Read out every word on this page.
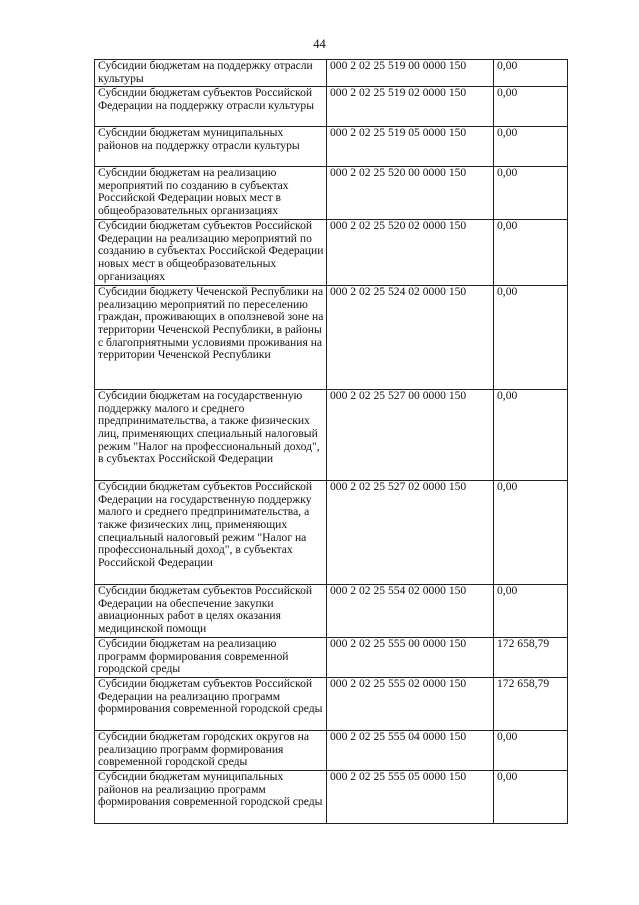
44
Субсидии бюджетам на поддержку отрасли культуры	000 2 02 25 519 00 0000 150	0,00
Субсидии бюджетам субъектов Российской Федерации на поддержку отрасли культуры	000 2 02 25 519 02 0000 150	0,00
Субсидии бюджетам муниципальных районов на поддержку отрасли культуры	000 2 02 25 519 05 0000 150	0,00
Субсидии бюджетам на реализацию мероприятий по созданию в субъектах Российской Федерации новых мест в общеобразовательных организациях	000 2 02 25 520 00 0000 150	0,00
Субсидии бюджетам субъектов Российской Федерации на реализацию мероприятий по созданию в субъектах Российской Федерации новых мест в общеобразовательных организациях	000 2 02 25 520 02 0000 150	0,00
Субсидии бюджету Чеченской Республики на реализацию мероприятий по переселению граждан, проживающих в оползневой зоне на территории Чеченской Республики, в районы с благоприятными условиями проживания на территории Чеченской Республики	000 2 02 25 524 02 0000 150	0,00
Субсидии бюджетам на государственную поддержку малого и среднего предпринимательства, а также физических лиц, применяющих специальный налоговый режим "Налог на профессиональный доход", в субъектах Российской Федерации	000 2 02 25 527 00 0000 150	0,00
Субсидии бюджетам субъектов Российской Федерации на государственную поддержку малого и среднего предпринимательства, а также физических лиц, применяющих специальный налоговый режим "Налог на профессиональный доход", в субъектах Российской Федерации	000 2 02 25 527 02 0000 150	0,00
Субсидии бюджетам субъектов Российской Федерации на обеспечение закупки авиационных работ в целях оказания медицинской помощи	000 2 02 25 554 02 0000 150	0,00
Субсидии бюджетам на реализацию программ формирования современной городской среды	000 2 02 25 555 00 0000 150	172 658,79
Субсидии бюджетам субъектов Российской Федерации на реализацию программ формирования современной городской среды	000 2 02 25 555 02 0000 150	172 658,79
Субсидии бюджетам городских округов на реализацию программ формирования современной городской среды	000 2 02 25 555 04 0000 150	0,00
Субсидии бюджетам муниципальных районов на реализацию программ формирования современной городской среды	000 2 02 25 555 05 0000 150	0,00
